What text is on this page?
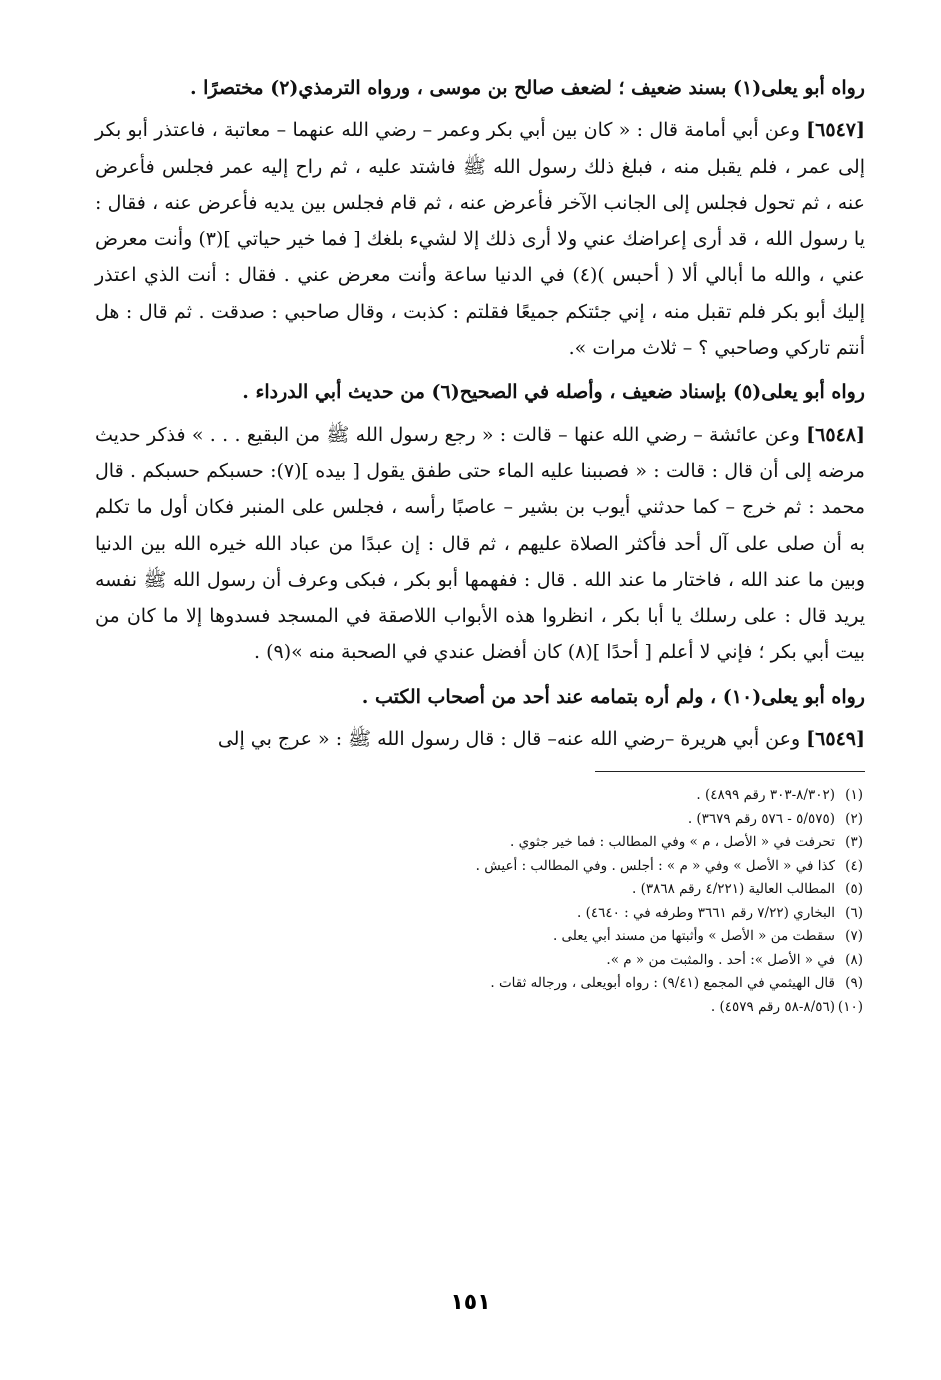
رواه أبو يعلى(١) بسند ضعيف ؛ لضعف صالح بن موسى ، ورواه الترمذي(٢) مختصرًا .

[٦٥٤٧] وعن أبي أمامة قال : « كان بين أبي بكر وعمر – رضي الله عنهما – معاتبة ، فاعتذر أبو بكر إلى عمر ، فلم يقبل منه ، فبلغ ذلك رسول الله ﷺ فاشتد عليه ، ثم راح إليه عمر فجلس فأعرض عنه ، ثم تحول فجلس إلى الجانب الآخر فأعرض عنه ، ثم قام فجلس بين يديه فأعرض عنه ، فقال : يا رسول الله ، قد أرى إعراضك عني ولا أرى ذلك إلا لشيء بلغك [ فما خير حياتي ](٣) وأنت معرض عني ، والله ما أبالي ألا ( أحبس )(٤) في الدنيا ساعة وأنت معرض عني . فقال : أنت الذي اعتذر إليك أبو بكر فلم تقبل منه ، إني جئتكم جميعًا فقلتم : كذبت ، وقال صاحبي : صدقت . ثم قال : هل أنتم تاركي وصاحبي ؟ – ثلاث مرات ».

رواه أبو يعلى(٥) بإسناد ضعيف ، وأصله في الصحيح(٦) من حديث أبي الدرداء .

[٦٥٤٨] وعن عائشة – رضي الله عنها – قالت : « رجع رسول الله ﷺ من البقيع . . . » فذكر حديث مرضه إلى أن قال : قالت : « فصببنا عليه الماء حتى طفق يقول [ بيده ](٧): حسبكم حسبكم . قال محمد : ثم خرج – كما حدثني أيوب بن بشير – عاصبًا رأسه ، فجلس على المنبر فكان أول ما تكلم به أن صلى على آل أحد فأكثر الصلاة عليهم ، ثم قال : إن عبدًا من عباد الله خيره الله بين الدنيا وبين ما عند الله ، فاختار ما عند الله . قال : ففهمها أبو بكر ، فبكى وعرف أن رسول الله ﷺ نفسه يريد قال : على رسلك يا أبا بكر ، انظروا هذه الأبواب اللاصقة في المسجد فسدوها إلا ما كان من بيت أبي بكر ؛ فإني لا أعلم [ أحدًا ](٨) كان أفضل عندي في الصحبة منه »(٩) .

رواه أبو يعلى(١٠) ، ولم أره بتمامه عند أحد من أصحاب الكتب .

[٦٥٤٩] وعن أبي هريرة –رضي الله عنه– قال : قال رسول الله ﷺ : « عرج بي إلى

(١)(٨/٣٠٢-٣٠٣ رقم ٤٨٩٩) .

(٢)(٥/٥٧٥ - ٥٧٦ رقم ٣٦٧٩) .

(٣)تحرفت في « الأصل ، م » وفي المطالب : فما خير جثوي .

(٤)كذا في « الأصل » وفي « م » : أجلس . وفي المطالب : أعيش .

(٥)المطالب العالية (٤/٢٢١ رقم ٣٨٦٨) .

(٦)البخاري (٧/٢٢ رقم ٣٦٦١ وطرفه في : ٤٦٤٠) .

(٧)سقطت من « الأصل » وأثبتها من مسند أبي يعلى .

(٨)في « الأصل »: أحد . والمثبت من « م ».

(٩)قال الهيثمي في المجمع (٩/٤١) : رواه أبويعلى ، ورجاله ثقات .

(١٠)(٨/٥٦-٥٨ رقم ٤٥٧٩) .

١٥١
